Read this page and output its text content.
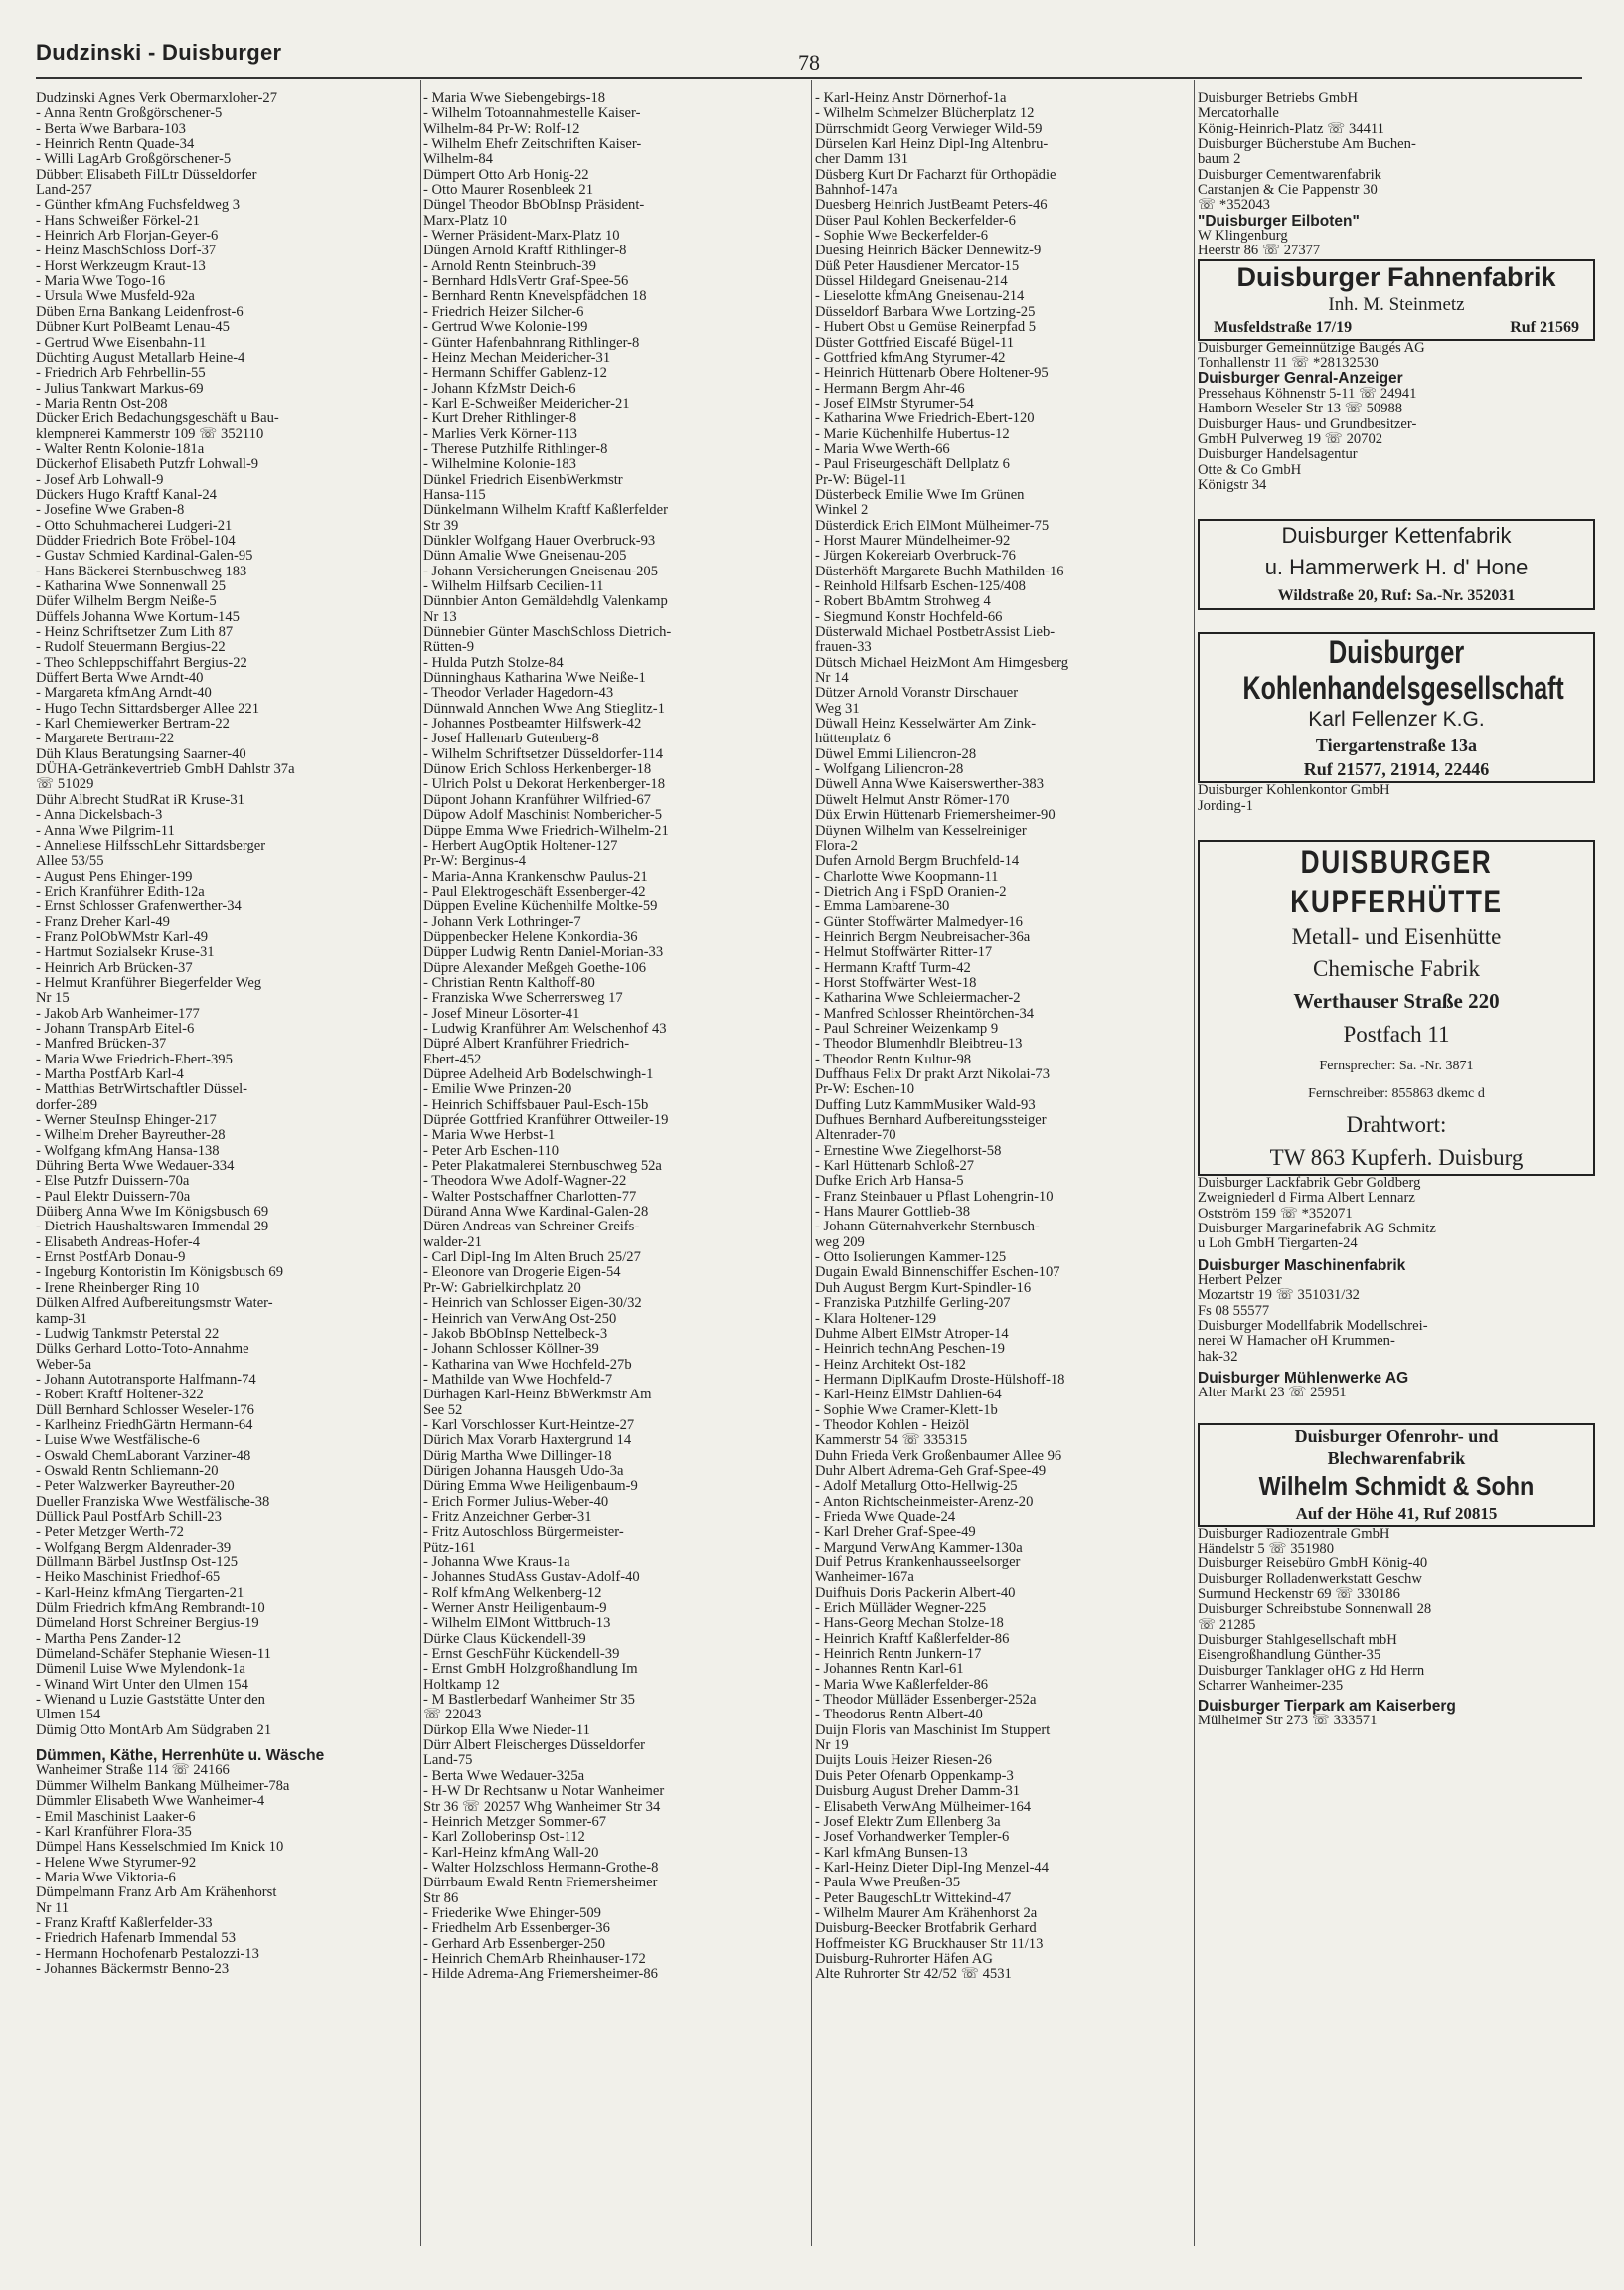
Dudzinski - Duisburger	78
Dudzinski Agnes Verk Obermarxloher-27
- Anna Rentn Großgörschener-5
- Berta Wwe Barbara-103
- Heinrich Rentn Quade-34
- Willi LagArb Großgörschener-5
Dübbert Elisabeth FilLtr Düsseldorfer
Land-257
- Günther kfmAng Fuchsfeldweg 3
- Hans Schweißer Förkel-21
- Heinrich Arb Florjan-Geyer-6
- Heinz MaschSchloss Dorf-37
- Horst Werkzeugm Kraut-13
- Maria Wwe Togo-16
- Ursula Wwe Musfeld-92a
Düben Erna Bankang Leidenfrost-6
Dübner Kurt PolBeamt Lenau-45
- Gertrud Wwe Eisenbahn-11
Düchting August Metallarb Heine-4
- Friedrich Arb Fehrbellin-55
- Julius Tankwart Markus-69
- Maria Rentn Ost-208
Dücker Erich Bedachungsgeschäft u Bau-
klempnerei Kammerstr 109 ☏ 352110
- Walter Rentn Kolonie-181a
Dückerhof Elisabeth Putzfr Lohwall-9
- Josef Arb Lohwall-9
Dückers Hugo Kraftf Kanal-24
- Josefine Wwe Graben-8
- Otto Schuhmacherei Ludgeri-21
Düdder Friedrich Bote Fröbel-104
- Gustav Schmied Kardinal-Galen-95
- Hans Bäckerei Sternbuschweg 183
- Katharina Wwe Sonnenwall 25
Düfer Wilhelm Bergm Neiße-5
Düffels Johanna Wwe Kortum-145
- Heinz Schriftsetzer Zum Lith 87
- Rudolf Steuermann Bergius-22
- Theo Schleppschiffahrt Bergius-22
Düffert Berta Wwe Arndt-40
- Margareta kfmAng Arndt-40
- Hugo Techn Sittardsberger Allee 221
- Karl Chemiewerker Bertram-22
- Margarete Bertram-22
Düh Klaus Beratungsing Saarner-40
DÜHA-Getränkevertrieb GmbH Dahlstr 37a
☏ 51029
Dühr Albrecht StudRat iR Kruse-31
- Anna Dickelsbach-3
- Anna Wwe Pilgrim-11
- Anneliese HilfsschLehr Sittardsberger
Allee 53/55
- August Pens Ehinger-199
- Erich Kranführer Edith-12a
- Ernst Schlosser Grafenwerther-34
- Franz Dreher Karl-49
- Franz PolObWMstr Karl-49
- Hartmut Sozialsekr Kruse-31
- Heinrich Arb Brücken-37
- Helmut Kranführer Biegerfelder Weg
Nr 15
- Jakob Arb Wanheimer-177
- Johann TranspArb Eitel-6
- Manfred Brücken-37
- Maria Wwe Friedrich-Ebert-395
- Martha PostfArb Karl-4
- Matthias BetrWirtschaftler Düssel-
dorfer-289
- Werner SteuInsp Ehinger-217
- Wilhelm Dreher Bayreuther-28
- Wolfgang kfmAng Hansa-138
Dühring Berta Wwe Wedauer-334
- Else Putzfr Duissern-70a
- Paul Elektr Duissern-70a
Düiberg Anna Wwe Im Königsbusch 69
- Dietrich Haushaltswaren Immendal 29
- Elisabeth Andreas-Hofer-4
- Ernst PostfArb Donau-9
- Ingeburg Kontoristin Im Königsbusch 69
- Irene Rheinberger Ring 10
Dülken Alfred Aufbereitungsmstr Water-
kamp-31
- Ludwig Tankmstr Peterstal 22
Dülks Gerhard Lotto-Toto-Annahme
Weber-5a
- Johann Autotransporte Halfmann-74
- Robert Kraftf Holtener-322
Düll Bernhard Schlosser Weseler-176
- Karlheinz FriedhGärtn Hermann-64
- Luise Wwe Westfälische-6
- Oswald ChemLaborant Varziner-48
- Oswald Rentn Schliemann-20
- Peter Walzwerker Bayreuther-20
Dueller Franziska Wwe Westfälische-38
Düllick Paul PostfArb Schill-23
- Peter Metzger Werth-72
- Wolfgang Bergm Aldenrader-39
Düllmann Bärbel JustInsp Ost-125
- Heiko Maschinist Friedhof-65
- Karl-Heinz kfmAng Tiergarten-21
Dülm Friedrich kfmAng Rembrandt-10
Dümeland Horst Schreiner Bergius-19
- Martha Pens Zander-12
Dümeland-Schäfer Stephanie Wiesen-11
Dümenil Luise Wwe Mylendonk-1a
- Winand Wirt Unter den Ulmen 154
- Wienand u Luzie Gaststätte Unter den
Ulmen 154
Dümig Otto MontArb Am Südgraben 21
Dümmen, Käthe, Herrenhüte u. Wäsche
Wanheimer Straße 114 ☏ 24166
Dümmer Wilhelm Bankang Mülheimer-78a
Dümmler Elisabeth Wwe Wanheimer-4
- Emil Maschinist Laaker-6
- Karl Kranführer Flora-35
Dümpel Hans Kesselschmied Im Knick 10
- Helene Wwe Styrumer-92
- Maria Wwe Viktoria-6
Dümpelmann Franz Arb Am Krähenhorst
Nr 11
- Franz Kraftf Kaßlerfelder-33
- Friedrich Hafenarb Immendal 53
- Hermann Hochofenarb Pestalozzi-13
- Johannes Bäckermstr Benno-23
- Maria Wwe Siebengebirgs-18
- Wilhelm Totoannahmestelle Kaiser-
Wilhelm-84 Pr-W: Rolf-12
- Wilhelm Ehefr Zeitschriften Kaiser-
Wilhelm-84
Dümpert Otto Arb Honig-22
- Otto Maurer Rosenbleek 21
Düngel Theodor BbObInsp Präsident-
Marx-Platz 10
- Werner Präsident-Marx-Platz 10
Düngen Arnold Kraftf Rithlinger-8
- Arnold Rentn Steinbruch-39
- Bernhard HdlsVertr Graf-Spee-56
- Bernhard Rentn Knevelspfädchen 18
- Friedrich Heizer Silcher-6
- Gertrud Wwe Kolonie-199
- Günter Hafenbahnrang Rithlinger-8
- Heinz Mechan Meidericher-31
- Hermann Schiffer Gablenz-12
- Johann KfzMstr Deich-6
- Karl E-Schweißer Meidericher-21
- Kurt Dreher Rithlinger-8
- Marlies Verk Körner-113
- Therese Putzhilfe Rithlinger-8
- Wilhelmine Kolonie-183
Dünkel Friedrich EisenbWerkmstr
Hansa-115
Dünkelmann Wilhelm Kraftf Kaßlerfelder
Str 39
Dünkler Wolfgang Hauer Overbruck-93
Dünn Amalie Wwe Gneisenau-205
- Johann Versicherungen Gneisenau-205
- Wilhelm Hilfsarb Cecilien-11
Dünnbier Anton Gemäldehdlg Valenkamp
Nr 13
Dünnebier Günter MaschSchloss Dietrich-
Rütten-9
- Hulda Putzh Stolze-84
Dünninghaus Katharina Wwe Neiße-1
- Theodor Verlader Hagedorn-43
Dünnwald Annchen Wwe Ang Stieglitz-1
- Johannes Postbeamter Hilfswerk-42
- Josef Hallenarb Gutenberg-8
- Wilhelm Schriftsetzer Düsseldorfer-114
Dünow Erich Schloss Herkenberger-18
- Ulrich Polst u Dekorat Herkenberger-18
Düpont Johann Kranführer Wilfried-67
Düpow Adolf Maschinist Nombericher-5
Düppe Emma Wwe Friedrich-Wilhelm-21
- Herbert AugOptik Holtener-127
Pr-W: Berginus-4
- Maria-Anna Krankenschw Paulus-21
- Paul Elektrogeschäft Essenberger-42
Düppen Eveline Küchenhilfe Moltke-59
- Johann Verk Lothringer-7
Düppenbecker Helene Konkordia-36
Düpper Ludwig Rentn Daniel-Morian-33
Düpre Alexander Meßgeh Goethe-106
- Christian Rentn Kalthoff-80
- Franziska Wwe Scherrersweg 17
- Josef Mineur Lösorter-41
- Ludwig Kranführer Am Welschenhof 43
Düpré Albert Kranführer Friedrich-
Ebert-452
Düpree Adelheid Arb Bodelschwingh-1
- Emilie Wwe Prinzen-20
- Heinrich Schiffsbauer Paul-Esch-15b
Düprée Gottfried Kranführer Ottweiler-19
- Maria Wwe Herbst-1
- Peter Arb Eschen-110
- Peter Plakatmalerei Sternbuschweg 52a
- Theodora Wwe Adolf-Wagner-22
- Walter Postschaffner Charlotten-77
Dürand Anna Wwe Kardinal-Galen-28
Düren Andreas van Schreiner Greifs-
walder-21
- Carl Dipl-Ing Im Alten Bruch 25/27
- Eleonore van Drogerie Eigen-54
Pr-W: Gabrielkirchplatz 20
- Heinrich van Schlosser Eigen-30/32
- Heinrich van VerwAng Ost-250
- Jakob BbObInsp Nettelbeck-3
- Johann Schlosser Köllner-39
- Katharina van Wwe Hochfeld-27b
- Mathilde van Wwe Hochfeld-7
Dürhagen Karl-Heinz BbWerkmstr Am
See 52
- Karl Vorschlosser Kurt-Heintze-27
Dürich Max Vorarb Haxtergrund 14
Dürig Martha Wwe Dillinger-18
Dürigen Johanna Hausgeh Udo-3a
Düring Emma Wwe Heiligenbaum-9
- Erich Former Julius-Weber-40
- Fritz Anzeichner Gerber-31
- Fritz Autoschloss Bürgermeister-
Pütz-161
- Johanna Wwe Kraus-1a
- Johannes StudAss Gustav-Adolf-40
- Rolf kfmAng Welkenberg-12
- Werner Anstr Heiligenbaum-9
- Wilhelm ElMont Wittbruch-13
Dürke Claus Kückendell-39
- Ernst GeschFühr Kückendell-39
- Ernst GmbH Holzgroßhandlung Im
Holtkamp 12
- M Bastlerbedarf Wanheimer Str 35
☏ 22043
Dürkop Ella Wwe Nieder-11
Dürr Albert Fleischerges Düsseldorfer
Land-75
- Berta Wwe Wedauer-325a
- H-W Dr Rechtsanw u Notar Wanheimer
Str 36 ☏ 20257 Whg Wanheimer Str 34
- Heinrich Metzger Sommer-67
- Karl Zolloberinsp Ost-112
- Karl-Heinz kfmAng Wall-20
- Walter Holzschloss Hermann-Grothe-8
Dürrbaum Ewald Rentn Friemersheimer
Str 86
- Friederike Wwe Ehinger-509
- Friedhelm Arb Essenberger-36
- Gerhard Arb Essenberger-250
- Heinrich ChemArb Rheinhauser-172
- Hilde Adrema-Ang Friemersheimer-86
- Karl-Heinz Anstr Dörnerhof-1a
- Wilhelm Schmelzer Blücherplatz 12
Dürrschmidt Georg Verwieger Wild-59
Dürselen Karl Heinz Dipl-Ing Altenbru-
cher Damm 131
Düsberg Kurt Dr Facharzt für Orthopädie
Bahnhof-147a
Duesberg Heinrich JustBeamt Peters-46
Düser Paul Kohlen Beckerfelder-6
- Sophie Wwe Beckerfelder-6
Duesing Heinrich Bäcker Dennewitz-9
Düß Peter Hausdiener Mercator-15
Düssel Hildegard Gneisenau-214
- Lieselotte kfmAng Gneisenau-214
Düsseldorf Barbara Wwe Lortzing-25
- Hubert Obst u Gemüse Reinerpfad 5
Düster Gottfried Eiscafé Bügel-11
- Gottfried kfmAng Styrumer-42
- Heinrich Hüttenarb Obere Holtener-95
- Hermann Bergm Ahr-46
- Josef ElMstr Styrumer-54
- Katharina Wwe Friedrich-Ebert-120
- Marie Küchenhilfe Hubertus-12
- Maria Wwe Werth-66
- Paul Friseurgeschäft Dellplatz 6
Pr-W: Bügel-11
Düsterbeck Emilie Wwe Im Grünen
Winkel 2
Düsterdick Erich ElMont Mülheimer-75
- Horst Maurer Mündelheimer-92
- Jürgen Kokereiarb Overbruck-76
Düsterhöft Margarete Buchh Mathilden-16
- Reinhold Hilfsarb Eschen-125/408
- Robert BbAmtm Strohweg 4
- Siegmund Konstr Hochfeld-66
Düsterwald Michael PostbetrAssist Lieb-
frauen-33
Dütsch Michael HeizMont Am Himgesberg
Nr 14
Dützer Arnold Voranstr Dirschauer
Weg 31
Düwall Heinz Kesselwärter Am Zink-
hüttenplatz 6
Düwel Emmi Liliencron-28
- Wolfgang Liliencron-28
Düwell Anna Wwe Kaiserswerther-383
Düwelt Helmut Anstr Römer-170
Düx Erwin Hüttenarb Friemersheimer-90
Düynen Wilhelm van Kesselreiniger
Flora-2
Dufen Arnold Bergm Bruchfeld-14
- Charlotte Wwe Koopmann-11
- Dietrich Ang i FSpD Oranien-2
- Emma Lambarene-30
- Günter Stoffwärter Malmedyer-16
- Heinrich Bergm Neubreisacher-36a
- Helmut Stoffwärter Ritter-17
- Hermann Kraftf Turm-42
- Horst Stoffwärter West-18
- Katharina Wwe Schleiermacher-2
- Manfred Schlosser Rheintörchen-34
- Paul Schreiner Weizenkamp 9
- Theodor Blumenhdlr Bleibtreu-13
- Theodor Rentn Kultur-98
Duffhaus Felix Dr prakt Arzt Nikolai-73
Pr-W: Eschen-10
Duffing Lutz KammMusiker Wald-93
Dufhues Bernhard Aufbereitungssteiger
Altenrader-70
- Ernestine Wwe Ziegelhorst-58
- Karl Hüttenarb Schloß-27
Dufke Erich Arb Hansa-5
- Franz Steinbauer u Pflast Lohengrin-10
- Hans Maurer Gottlieb-38
- Johann Güternahverkehr Sternbusch-
weg 209
- Otto Isolierungen Kammer-125
Dugain Ewald Binnenschiffer Eschen-107
Duh August Bergm Kurt-Spindler-16
- Franziska Putzhilfe Gerling-207
- Klara Holtener-129
Duhme Albert ElMstr Atroper-14
- Heinrich technAng Peschen-19
- Heinz Architekt Ost-182
- Hermann DiplKaufm Droste-Hülshoff-18
- Karl-Heinz ElMstr Dahlien-64
- Sophie Wwe Cramer-Klett-1b
- Theodor Kohlen - Heizöl
Kammerstr 54 ☏ 335315
Duhn Frieda Verk Großenbaumer Allee 96
Duhr Albert Adrema-Geh Graf-Spee-49
- Adolf Metallurg Otto-Hellwig-25
- Anton Richtscheinmeister-Arenz-20
- Frieda Wwe Quade-24
- Karl Dreher Graf-Spee-49
- Margund VerwAng Kammer-130a
Duif Petrus Krankenhausseelsorger
Wanheimer-167a
Duifhuis Doris Packerin Albert-40
- Erich Mülläder Wegner-225
- Hans-Georg Mechan Stolze-18
- Heinrich Kraftf Kaßlerfelder-86
- Heinrich Rentn Junkern-17
- Johannes Rentn Karl-61
- Maria Wwe Kaßlerfelder-86
- Theodor Mülläder Essenberger-252a
- Theodorus Rentn Albert-40
Duijn Floris van Maschinist Im Stuppert
Nr 19
Duijts Louis Heizer Riesen-26
Duis Peter Ofenarb Oppenkamp-3
Duisburg August Dreher Damm-31
- Elisabeth VerwAng Mülheimer-164
- Josef Elektr Zum Ellenberg 3a
- Josef Vorhandwerker Templer-6
- Karl kfmAng Bunsen-13
- Karl-Heinz Dieter Dipl-Ing Menzel-44
- Paula Wwe Preußen-35
- Peter BaugeschLtr Wittekind-47
- Wilhelm Maurer Am Krähenhorst 2a
Duisburg-Beecker Brotfabrik Gerhard
Hoffmeister KG Bruckhauser Str 11/13
Duisburg-Ruhrorter Häfen AG
Alte Ruhrorter Str 42/52 ☏ 4531
Duisburger Betriebs GmbH
Mercatorhalle
König-Heinrich-Platz ☏ 34411
Duisburger Bücherstube Am Buchen-
baum 2
Duisburger Cementwarenfabrik
Carstanjen & Cie Pappenstr 30
☏ *352043
"Duisburger Eilboten"
W Klingenburg
Heerstr 86 ☏ 27377
Duisburger Fahnenfabrik
Inh. M. Steinmetz
Musfeldstraße 17/19	Ruf 21569
Duisburger Gemeinnützige Baugés AG
Tonhallenstr 11 ☏ *28132530
Duisburger Genral-Anzeiger
Pressehaus Köhnenstr 5-11 ☏ 24941
Hamborn Weseler Str 13 ☏ 50988
Duisburger Haus- und Grundbesitzer-
GmbH Pulverweg 19 ☏ 20702
Duisburger Handelsagentur
Otte & Co GmbH
Königstr 34
Duisburger Kettenfabrik
u. Hammerwerk H. d' Hone
Wildstraße 20, Ruf: Sa.-Nr. 352031
Duisburger
Kohlenhandelsgesellschaft
Karl Fellenzer K.G.
Tiergartenstraße 13a
Ruf 21577, 21914, 22446
Duisburger Kohlenkontor GmbH
Jording-1
DUISBURGER
KUPFERHÜTTE
Metall- und Eisenhütte
Chemische Fabrik
Werthauser Straße 220
Postfach 11
Fernsprecher: Sa. -Nr. 3871
Fernschreiber: 855863 dkemc d
Drahtwort:
TW 863 Kupferh. Duisburg
Duisburger Lackfabrik Gebr Goldberg
Zweigniederl d Firma Albert Lennarz
Ostström 159 ☏ *352071
Duisburger Margarinefabrik AG Schmitz
u Loh GmbH Tiergarten-24
Duisburger Maschinenfabrik
Herbert Pelzer
Mozartstr 19 ☏ 351031/32
Fs 08 55577
Duisburger Modellfabrik Modellschrei-
nerei W Hamacher oH Krummen-
hak-32
Duisburger Mühlenwerke AG
Alter Markt 23 ☏ 25951
Duisburger Ofenrohr- und
Blechwarenfabrik
Wilhelm Schmidt & Sohn
Auf der Höhe 41, Ruf 20815
Duisburger Radiozentrale GmbH
Händelstr 5 ☏ 351980
Duisburger Reisebüro GmbH König-40
Duisburger Rolladenwerkstatt Geschw
Surmund Heckenstr 69 ☏ 330186
Duisburger Schreibstube Sonnenwall 28
☏ 21285
Duisburger Stahlgesellschaft mbH
Eisengroßhandlung Günther-35
Duisburger Tanklager oHG z Hd Herrn
Scharrer Wanheimer-235
Duisburger Tierpark am Kaiserberg
Mülheimer Str 273 ☏ 333571
